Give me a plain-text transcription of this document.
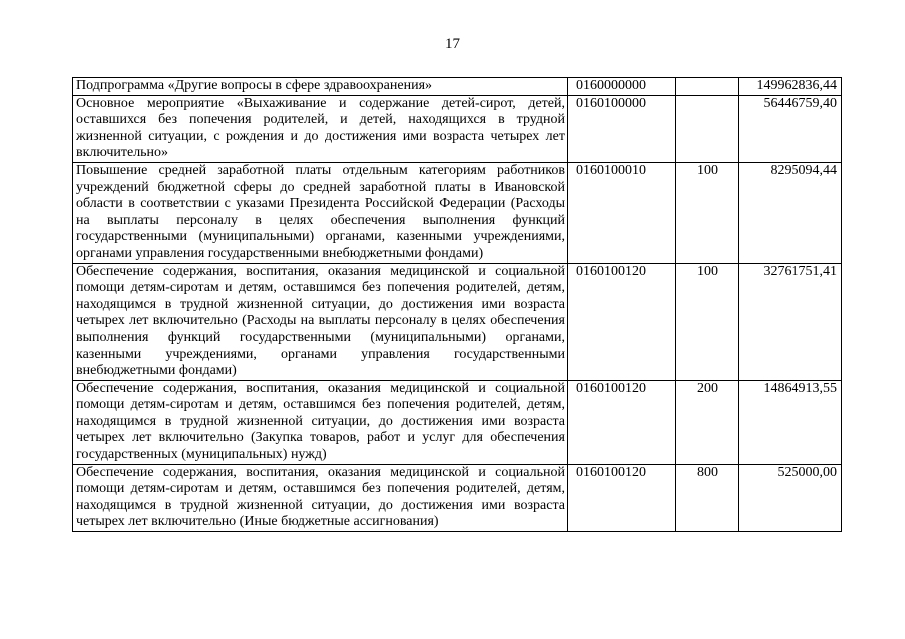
17
Подпрограмма «Другие вопросы в сфере здравоохранения»	0160000000		149962836,44
Основное мероприятие «Выхаживание и содержание детей-сирот, детей, оставшихся без попечения родителей, и детей, находящихся в трудной жизненной ситуации, с рождения и до достижения ими возраста четырех лет включительно»	0160100000		56446759,40
Повышение средней заработной платы отдельным категориям работников учреждений бюджетной сферы до средней заработной платы в Ивановской области в соответствии с указами Президента Российской Федерации (Расходы на выплаты персоналу в целях обеспечения выполнения функций государственными (муниципальными) органами, казенными учреждениями, органами управления государственными внебюджетными фондами)	0160100010	100	8295094,44
Обеспечение содержания, воспитания, оказания медицинской и социальной помощи детям-сиротам и детям, оставшимся без попечения родителей, детям, находящимся в трудной жизненной ситуации, до достижения ими возраста четырех лет включительно (Расходы на выплаты персоналу в целях обеспечения выполнения функций государственными (муниципальными) органами, казенными учреждениями, органами управления государственными внебюджетными фондами)	0160100120	100	32761751,41
Обеспечение содержания, воспитания, оказания медицинской и социальной помощи детям-сиротам и детям, оставшимся без попечения родителей, детям, находящимся в трудной жизненной ситуации, до достижения ими возраста четырех лет включительно (Закупка товаров, работ и услуг для обеспечения государственных (муниципальных) нужд)	0160100120	200	14864913,55
Обеспечение содержания, воспитания, оказания медицинской и социальной помощи детям-сиротам и детям, оставшимся без попечения родителей, детям, находящимся в трудной жизненной ситуации, до достижения ими возраста четырех лет включительно (Иные бюджетные ассигнования)	0160100120	800	525000,00
